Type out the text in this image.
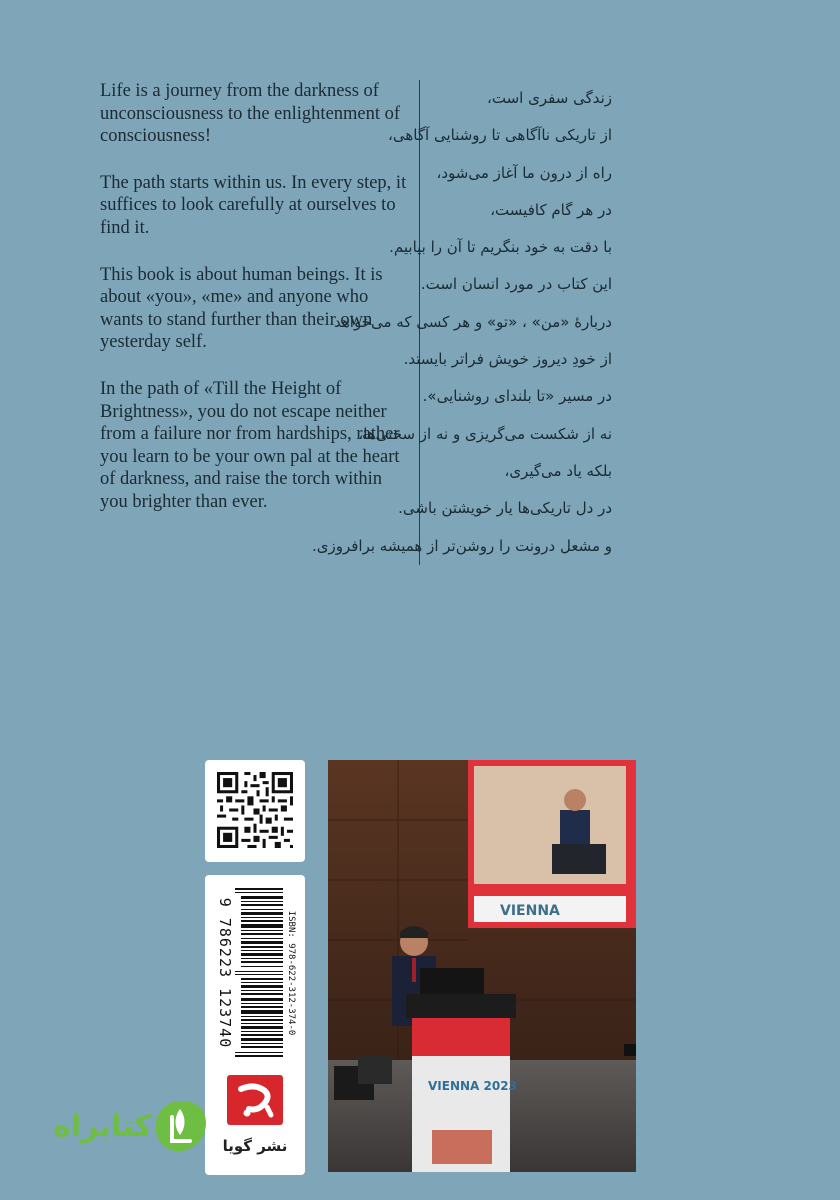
Life is a journey from the darkness of unconsciousness to the enlightenment of consciousness!

The path starts within us. In every step, it suffices to look carefully at ourselves to find it.

This book is about human beings. It is about «you», «me» and anyone who wants to stand further than their own yesterday self.

In the path of «Till the Height of Brightness», you do not escape neither from a failure nor from hardships, rather you learn to be your own pal at the heart of darkness, and raise the torch within you brighter than ever.

زندگی سفری است،
از تاریکی ناآگاهی تا روشنایی آگاهی،
راه از درون ما آغاز می‌شود،
در هر گام کافیست،
با دقت به خود بنگریم تا آن را بیابیم.
این کتاب در مورد انسان است.
دربارهٔ «من» ، «تو» و هر کسی که می‌خواهد
از خودِ دیروز خویش فراتر بایستد.
در مسیر «تا بلندای روشنایی».
نه از شکست می‌گریزی و نه از سختی‌ها،
بلکه یاد می‌گیری،
در دل تاریکی‌ها یار خویشتن باشی.
و مشعل درونت را روشن‌تر از همیشه برافروزی.
ISBN: 978-622-312-374-0
9 786223 123740
نشر گویا
VIENNA
VIENNA 2023
کتابراه
